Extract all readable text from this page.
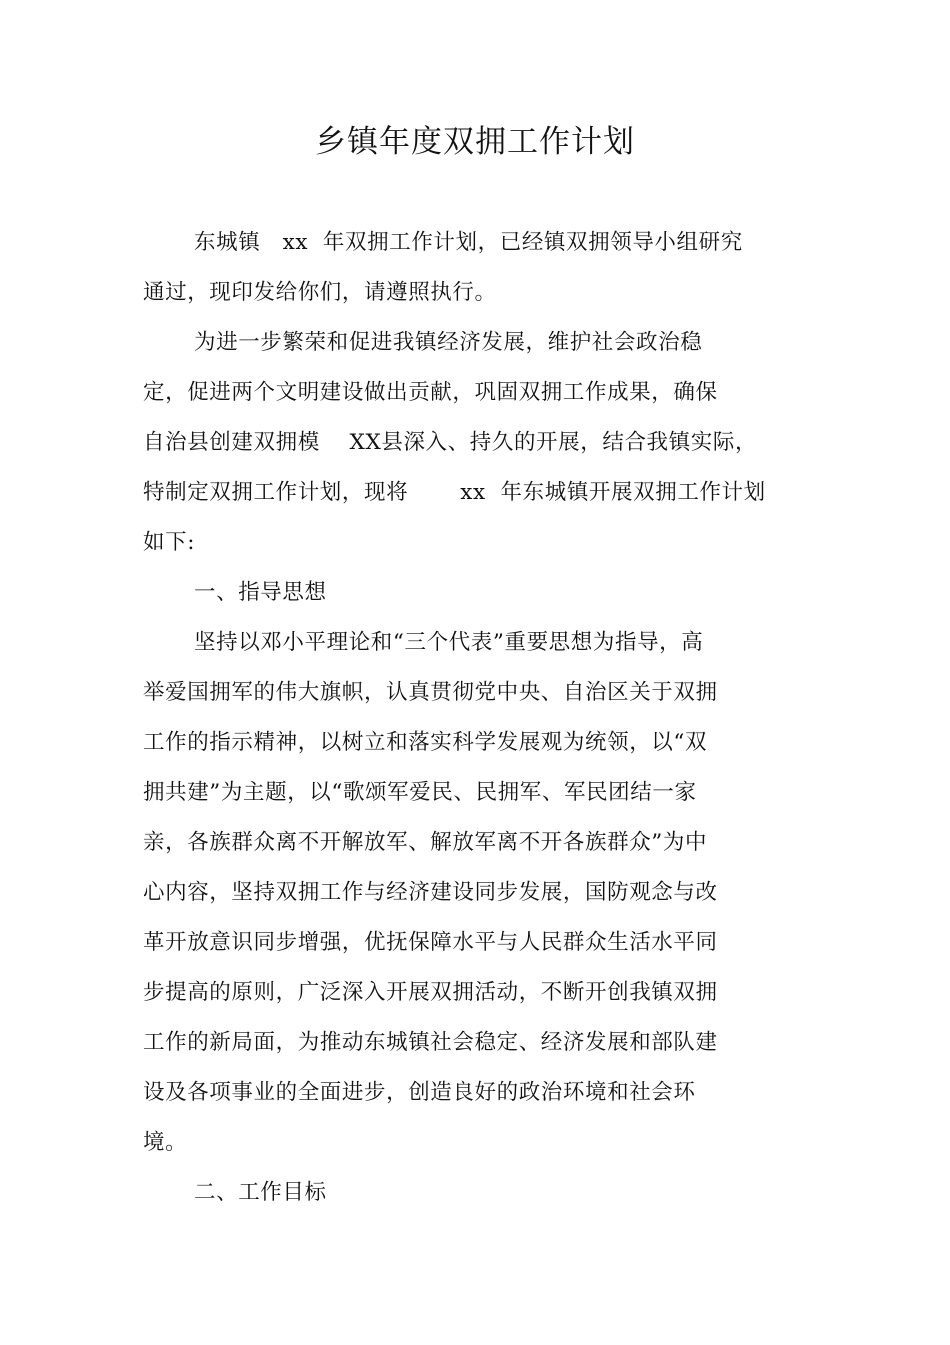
乡镇年度双拥工作计划
东城镇   xx  年双拥工作计划，已经镇双拥领导小组研究
通过，现印发给你们，请遵照执行。
为进一步繁荣和促进我镇经济发展，维护社会政治稳
定，促进两个文明建设做出贡献，巩固双拥工作成果，确保
自治县创建双拥模    XX县深入、持久的开展，结合我镇实际，
特制定双拥工作计划，现将       xx  年东城镇开展双拥工作计划
如下:
一、指导思想
坚持以邓小平理论和“三个代表”重要思想为指导，高
举爱国拥军的伟大旗帜，认真贯彻党中央、自治区关于双拥
工作的指示精神，以树立和落实科学发展观为统领，以“双
拥共建”为主题，以“歌颂军爱民、民拥军、军民团结一家
亲，各族群众离不开解放军、解放军离不开各族群众”为中
心内容，坚持双拥工作与经济建设同步发展，国防观念与改
革开放意识同步增强，优抚保障水平与人民群众生活水平同
步提高的原则，广泛深入开展双拥活动，不断开创我镇双拥
工作的新局面，为推动东城镇社会稳定、经济发展和部队建
设及各项事业的全面进步，创造良好的政治环境和社会环
境。
二、工作目标
